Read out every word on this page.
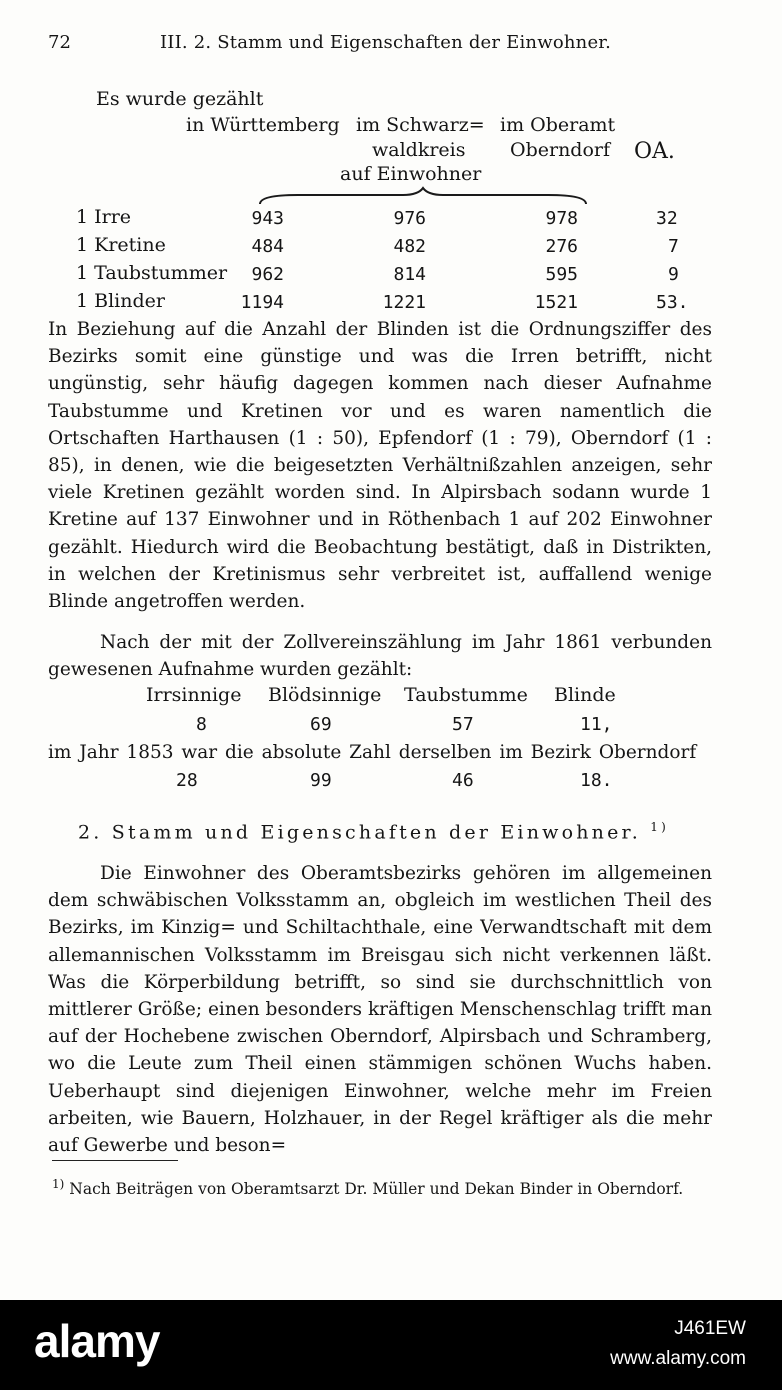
72	III. 2. Stamm und Eigenschaften der Einwohner.
Es wurde gezählt
in Württemberg im Schwarz=
waldkreis
im Oberamt
Oberndorf OA.
auf Einwohner
1 Irre	943	976	978	32
1 Kretine	484	482	276	7
1 Taubstummer	962	814	595	9
1 Blinder	1194	1221	1521	53.

In Beziehung auf die Anzahl der Blinden ist die Ordnungsziffer des Bezirks somit eine günstige und was die Irren betrifft, nicht ungünstig, sehr häufig dagegen kommen nach dieser Aufnahme Taubstumme und Kretinen vor und es waren namentlich die Ortschaften Harthausen (1 : 50), Epfendorf (1 : 79), Oberndorf (1 : 85), in denen, wie die beigesetzten Verhältnißzahlen anzeigen, sehr viele Kretinen gezählt worden sind. In Alpirsbach sodann wurde 1 Kretine auf 137 Einwohner und in Röthenbach 1 auf 202 Einwohner gezählt. Hiedurch wird die Beobachtung bestätigt, daß in Distrikten, in welchen der Kretinismus sehr verbreitet ist, auffallend wenige Blinde angetroffen werden.

Nach der mit der Zollvereinszählung im Jahr 1861 verbunden gewesenen Aufnahme wurden gezählt:

Irrsinnige Blödsinnige Taubstumme Blinde
8	69	57	11,
im Jahr 1853 war die absolute Zahl derselben im Bezirk Oberndorf
28	99	46	18.
2. Stamm und Eigenschaften der Einwohner. $^{1)}$

Die Einwohner des Oberamtsbezirks gehören im allgemeinen dem schwäbischen Volksstamm an, obgleich im westlichen Theil des Bezirks, im Kinzig= und Schiltachthale, eine Verwandtschaft mit dem allemannischen Volksstamm im Breisgau sich nicht verkennen läßt. Was die Körperbildung betrifft, so sind sie durchschnittlich von mittlerer Größe; einen besonders kräftigen Menschenschlag trifft man auf der Hochebene zwischen Oberndorf, Alpirsbach und Schramberg, wo die Leute zum Theil einen stämmigen schönen Wuchs haben. Ueberhaupt sind diejenigen Einwohner, welche mehr im Freien arbeiten, wie Bauern, Holzhauer, in der Regel kräftiger als die mehr auf Gewerbe und beson=

$^{1)}$ Nach Beiträgen von Oberamtsarzt Dr. Müller und Dekan Binder in Oberndorf.

alamy	J461EW
www.alamy.com
